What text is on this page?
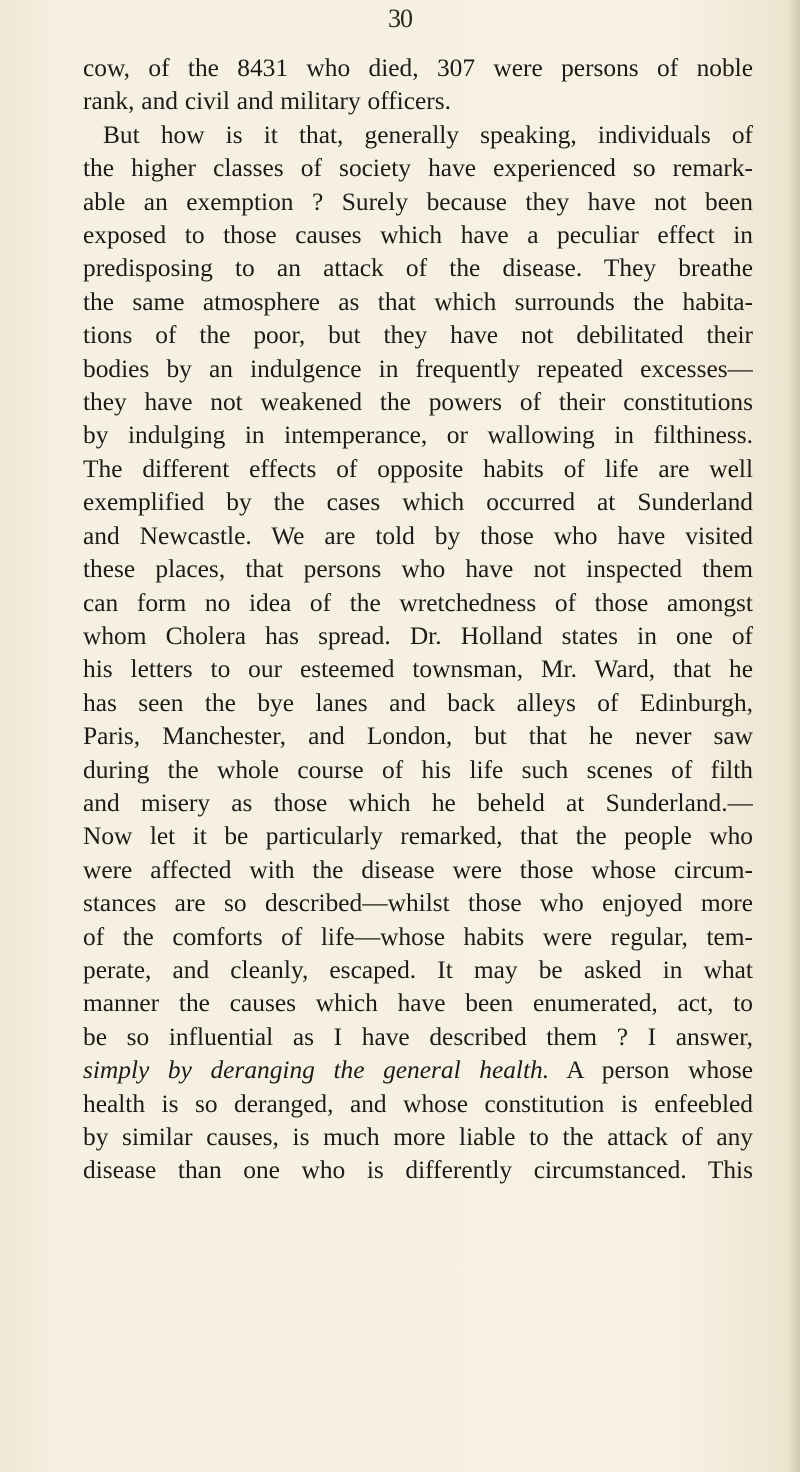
30
cow, of the 8431 who died, 307 were persons of noble
rank, and civil and military officers.
But how is it that, generally speaking, individuals of
the higher classes of society have experienced so remark-
able an exemption ? Surely because they have not been
exposed to those causes which have a peculiar effect in
predisposing to an attack of the disease. They breathe
the same atmosphere as that which surrounds the habita-
tions of the poor, but they have not debilitated their
bodies by an indulgence in frequently repeated excesses—
they have not weakened the powers of their constitutions
by indulging in intemperance, or wallowing in filthiness.
The different effects of opposite habits of life are well
exemplified by the cases which occurred at Sunderland
and Newcastle. We are told by those who have visited
these places, that persons who have not inspected them
can form no idea of the wretchedness of those amongst
whom Cholera has spread. Dr. Holland states in one of
his letters to our esteemed townsman, Mr. Ward, that he
has seen the bye lanes and back alleys of Edinburgh,
Paris, Manchester, and London, but that he never saw
during the whole course of his life such scenes of filth
and misery as those which he beheld at Sunderland.—
Now let it be particularly remarked, that the people who
were affected with the disease were those whose circum-
stances are so described—whilst those who enjoyed more
of the comforts of life—whose habits were regular, tem-
perate, and cleanly, escaped. It may be asked in what
manner the causes which have been enumerated, act, to
be so influential as I have described them ? I answer,
simply by deranging the general health. A person whose
health is so deranged, and whose constitution is enfeebled
by similar causes, is much more liable to the attack of any
disease than one who is differently circumstanced. This
